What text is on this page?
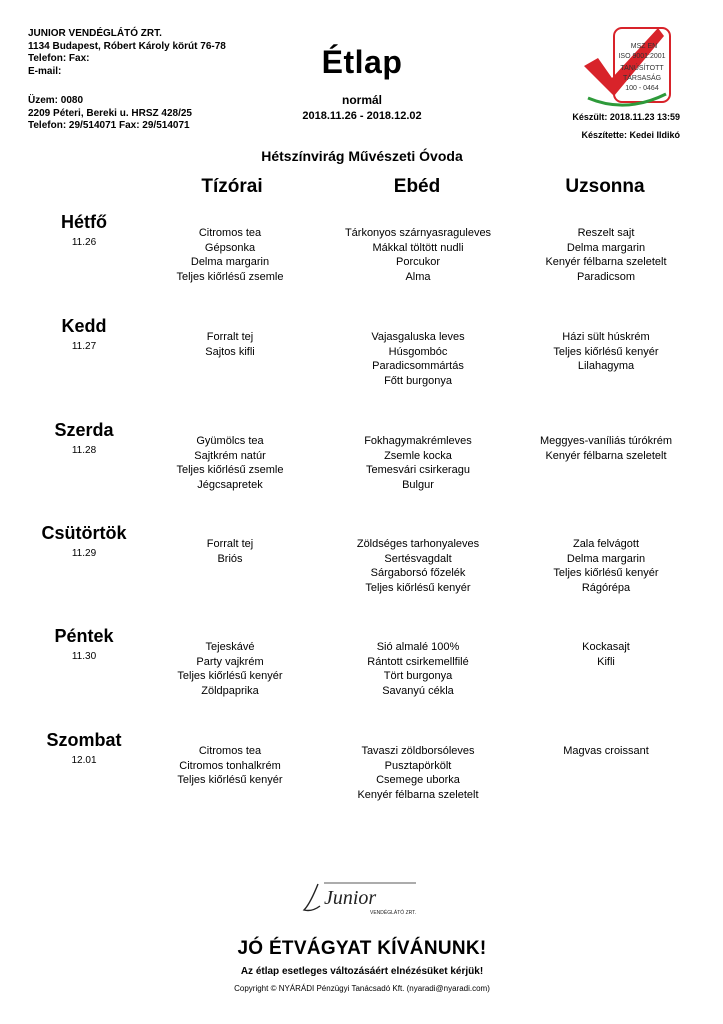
JUNIOR VENDÉGLÁTÓ ZRT.
1134 Budapest, Róbert Károly körút 76-78
Telefon: Fax:
E-mail:
Üzem: 0080
2209 Péteri, Bereki u. HRSZ 428/25
Telefon: 29/514071 Fax: 29/514071
Étlap
normál
2018.11.26 - 2018.12.02
MSZ EN
ISO 9001:2001
TANÚSÍTOTT
TÁRSASÁG
100 - 0464
Készült: 2018.11.23 13:59
Készítette: Kedei Ildikó
Hétszínvirág Művészeti Óvoda
Tízórai	Ebéd	Uzsonna
Hétfő
11.26
Citromos tea
Gépsonka
Delma margarin
Teljes kiőrlésű zsemle
Tárkonyos szárnyasraguleves
Mákkal töltött nudli
Porcukor
Alma
Reszelt sajt
Delma margarin
Kenyér félbarna szeletelt
Paradicsom
Kedd
11.27
Forralt tej
Sajtos kifli
Vajasgaluska leves
Húsgombóc
Paradicsommártás
Főtt burgonya
Házi sült húskrém
Teljes kiőrlésű kenyér
Lilahagyma
Szerda
11.28
Gyümölcs tea
Sajtkrém natúr
Teljes kiőrlésű zsemle
Jégcsapretek
Fokhagymakrémleves
Zsemle kocka
Temesvári csirkeragu
Bulgur
Meggyes-vaníliás túrókrém
Kenyér félbarna szeletelt
Csütörtök
11.29
Forralt tej
Briós
Zöldséges tarhonyaleves
Sertésvagdalt
Sárgaborsó főzelék
Teljes kiőrlésű kenyér
Zala felvágott
Delma margarin
Teljes kiőrlésű kenyér
Rágórépa
Péntek
11.30
Tejeskávé
Party vajkrém
Teljes kiőrlésű kenyér
Zöldpaprika
Sió almalé 100%
Rántott csirkemellfilé
Tört burgonya
Savanyú cékla
Kockasajt
Kifli
Szombat
12.01
Citromos tea
Citromos tonhalkrém
Teljes kiőrlésű kenyér
Tavaszi zöldborsóleves
Pusztapörkölt
Csemege uborka
Kenyér félbarna szeletelt
Magvas croissant
Junior
VENDÉGLÁTÓ ZRT.
JÓ ÉTVÁGYAT KÍVÁNUNK!
Az étlap esetleges változásáért elnézésüket kérjük!
Copyright © NYÁRÁDI Pénzügyi Tanácsadó Kft. (nyaradi@nyaradi.com)
